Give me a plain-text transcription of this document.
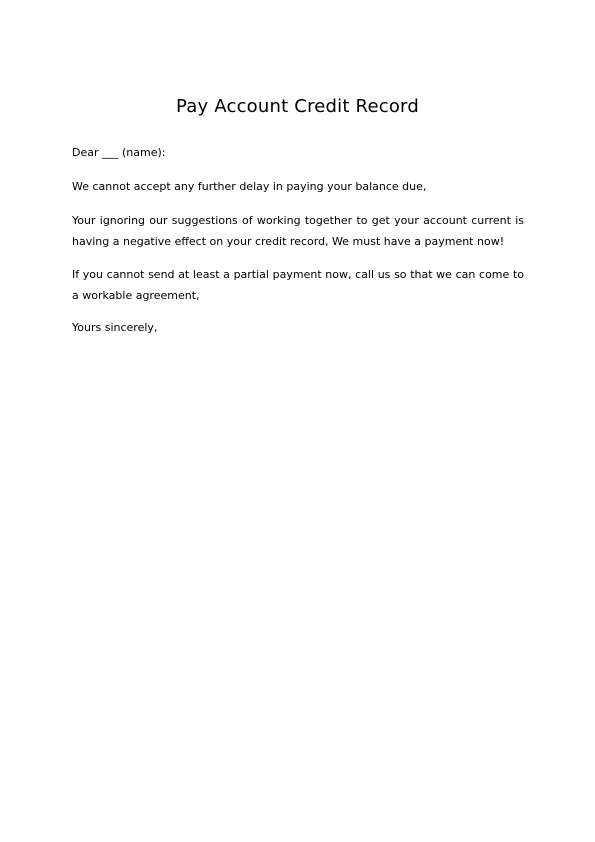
Pay Account Credit Record

Dear ___ (name):

We cannot accept any further delay in paying your balance due,

Your ignoring our suggestions of working together to get your account current is having a negative effect on your credit record, We must have a payment now!

If you cannot send at least a partial payment now, call us so that we can come to a workable agreement,

Yours sincerely,
